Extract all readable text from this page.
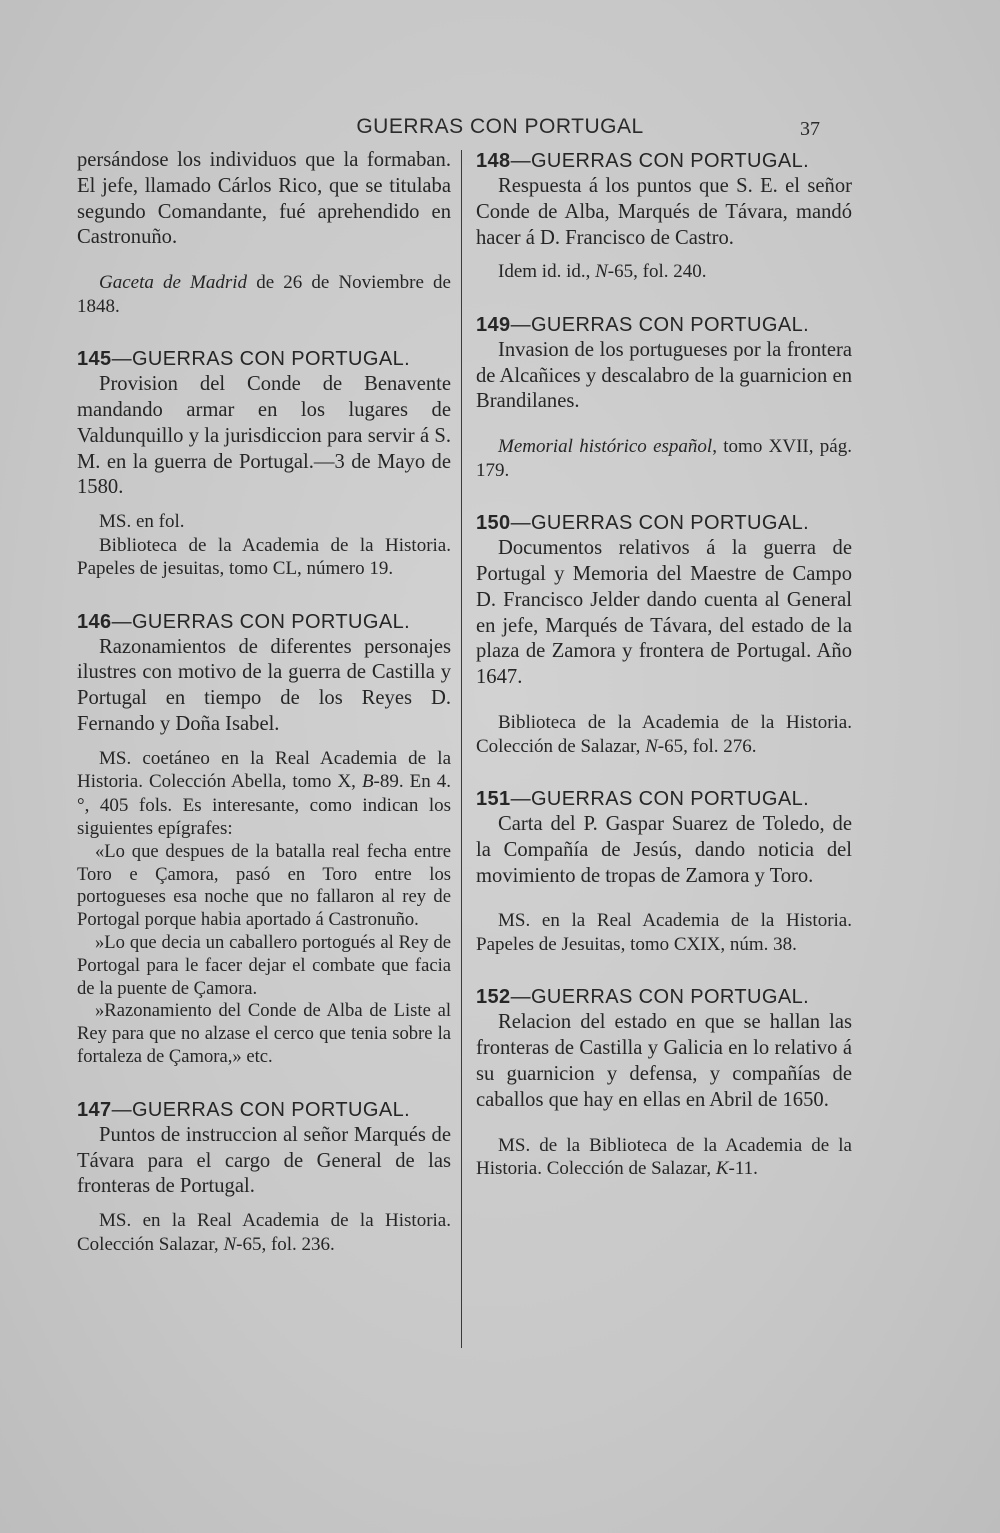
GUERRAS CON PORTUGAL	37

persándose los individuos que la formaban. El jefe, llamado Cárlos Rico, que se titulaba segundo Comandante, fué aprehendido en Castronuño.

Gaceta de Madrid de 26 de Noviembre de 1848.

145—GUERRAS CON PORTUGAL.

Provision del Conde de Benavente mandando armar en los lugares de Valdunquillo y la jurisdiccion para servir á S. M. en la guerra de Portugal.—3 de Mayo de 1580.

MS. en fol.

Biblioteca de la Academia de la Historia. Papeles de jesuitas, tomo CL, número 19.

146—GUERRAS CON PORTUGAL.

Razonamientos de diferentes personajes ilustres con motivo de la guerra de Castilla y Portugal en tiempo de los Reyes D. Fernando y Doña Isabel.

MS. coetáneo en la Real Academia de la Historia. Colección Abella, tomo X, B-89. En 4.°, 405 fols. Es interesante, como indican los siguientes epígrafes:

«Lo que despues de la batalla real fecha entre Toro e Çamora, pasó en Toro entre los portogueses esa noche que no fallaron al rey de Portogal porque habia aportado á Castronuño.

»Lo que decia un caballero portogués al Rey de Portogal para le facer dejar el combate que facia de la puente de Çamora.

»Razonamiento del Conde de Alba de Liste al Rey para que no alzase el cerco que tenia sobre la fortaleza de Çamora,» etc.

147—GUERRAS CON PORTUGAL.

Puntos de instruccion al señor Marqués de Távara para el cargo de General de las fronteras de Portugal.

MS. en la Real Academia de la Historia. Colección Salazar, N-65, fol. 236.

148—GUERRAS CON PORTUGAL.

Respuesta á los puntos que S. E. el señor Conde de Alba, Marqués de Távara, mandó hacer á D. Francisco de Castro.

Idem id. id., N-65, fol. 240.

149—GUERRAS CON PORTUGAL.

Invasion de los portugueses por la frontera de Alcañices y descalabro de la guarnicion en Brandilanes.

Memorial histórico español, tomo XVII, pág. 179.

150—GUERRAS CON PORTUGAL.

Documentos relativos á la guerra de Portugal y Memoria del Maestre de Campo D. Francisco Jelder dando cuenta al General en jefe, Marqués de Távara, del estado de la plaza de Zamora y frontera de Portugal. Año 1647.

Biblioteca de la Academia de la Historia. Colección de Salazar, N-65, fol. 276.

151—GUERRAS CON PORTUGAL.

Carta del P. Gaspar Suarez de Toledo, de la Compañía de Jesús, dando noticia del movimiento de tropas de Zamora y Toro.

MS. en la Real Academia de la Historia. Papeles de Jesuitas, tomo CXIX, núm. 38.

152—GUERRAS CON PORTUGAL.

Relacion del estado en que se hallan las fronteras de Castilla y Galicia en lo relativo á su guarnicion y defensa, y compañías de caballos que hay en ellas en Abril de 1650.

MS. de la Biblioteca de la Academia de la Historia. Colección de Salazar, K-11.
